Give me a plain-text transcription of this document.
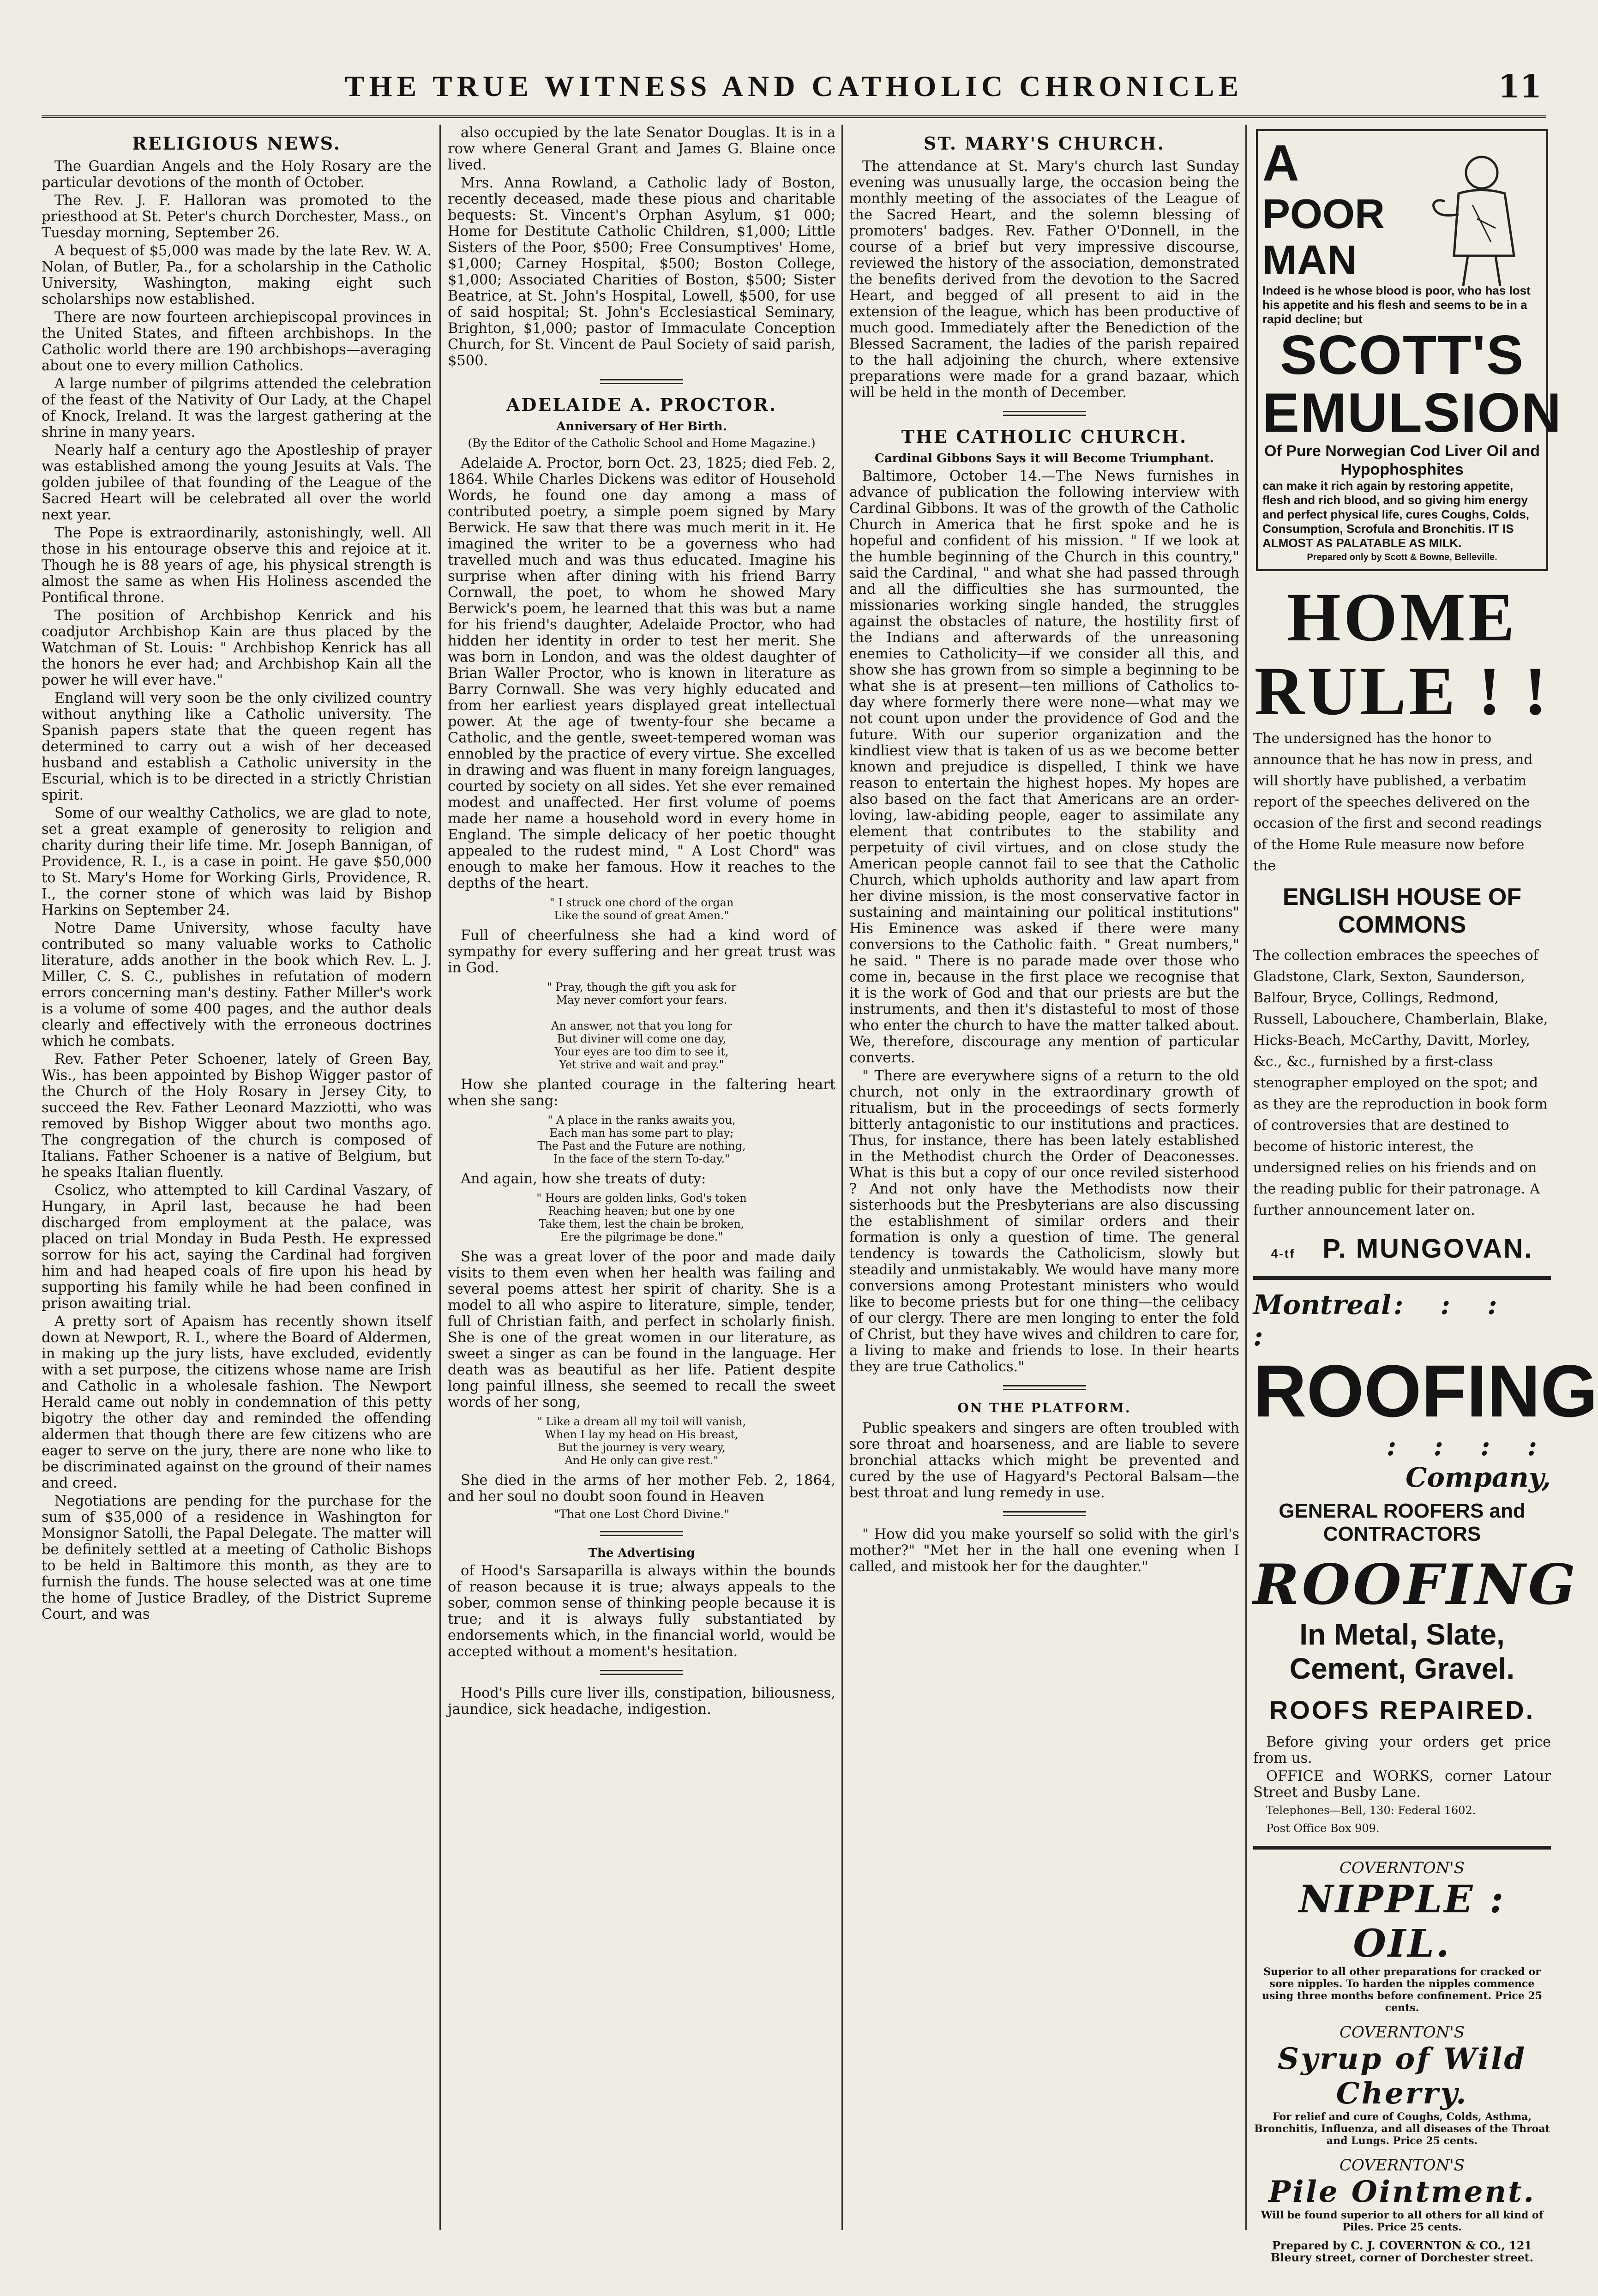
THE TRUE WITNESS AND CATHOLIC CHRONICLE	11
RELIGIOUS NEWS.

The Guardian Angels and the Holy Rosary are the particular devotions of the month of October.

The Rev. J. F. Halloran was promoted to the priesthood at St. Peter's church Dorchester, Mass., on Tuesday morning, September 26.

A bequest of $5,000 was made by the late Rev. W. A. Nolan, of Butler, Pa., for a scholarship in the Catholic University, Washington, making eight such scholarships now established.

There are now fourteen archiepiscopal provinces in the United States, and fifteen archbishops. In the Catholic world there are 190 archbishops—averaging about one to every million Catholics.

A large number of pilgrims attended the celebration of the feast of the Nativity of Our Lady, at the Chapel of Knock, Ireland. It was the largest gathering at the shrine in many years.

Nearly half a century ago the Apostleship of prayer was established among the young Jesuits at Vals. The golden jubilee of that founding of the League of the Sacred Heart will be celebrated all over the world next year.

The Pope is extraordinarily, astonishingly, well. All those in his entourage observe this and rejoice at it. Though he is 88 years of age, his physical strength is almost the same as when His Holiness ascended the Pontifical throne.

The position of Archbishop Kenrick and his coadjutor Archbishop Kain are thus placed by the Watchman of St. Louis: " Archbishop Kenrick has all the honors he ever had; and Archbishop Kain all the power he will ever have."

England will very soon be the only civilized country without anything like a Catholic university. The Spanish papers state that the queen regent has determined to carry out a wish of her deceased husband and establish a Catholic university in the Escurial, which is to be directed in a strictly Christian spirit.

Some of our wealthy Catholics, we are glad to note, set a great example of generosity to religion and charity during their life time. Mr. Joseph Bannigan, of Providence, R. I., is a case in point. He gave $50,000 to St. Mary's Home for Working Girls, Providence, R. I., the corner stone of which was laid by Bishop Harkins on September 24.

Notre Dame University, whose faculty have contributed so many valuable works to Catholic literature, adds another in the book which Rev. L. J. Miller, C. S. C., publishes in refutation of modern errors concerning man's destiny. Father Miller's work is a volume of some 400 pages, and the author deals clearly and effectively with the erroneous doctrines which he combats.

Rev. Father Peter Schoener, lately of Green Bay, Wis., has been appointed by Bishop Wigger pastor of the Church of the Holy Rosary in Jersey City, to succeed the Rev. Father Leonard Mazziotti, who was removed by Bishop Wigger about two months ago. The congregation of the church is composed of Italians. Father Schoener is a native of Belgium, but he speaks Italian fluently.

Csolicz, who attempted to kill Cardinal Vaszary, of Hungary, in April last, because he had been discharged from employment at the palace, was placed on trial Monday in Buda Pesth. He expressed sorrow for his act, saying the Cardinal had forgiven him and had heaped coals of fire upon his head by supporting his family while he had been confined in prison awaiting trial.

A pretty sort of Apaism has recently shown itself down at Newport, R. I., where the Board of Aldermen, in making up the jury lists, have excluded, evidently with a set purpose, the citizens whose name are Irish and Catholic in a wholesale fashion. The Newport Herald came out nobly in condemnation of this petty bigotry the other day and reminded the offending aldermen that though there are few citizens who are eager to serve on the jury, there are none who like to be discriminated against on the ground of their names and creed.

Negotiations are pending for the purchase for the sum of $35,000 of a residence in Washington for Monsignor Satolli, the Papal Delegate. The matter will be definitely settled at a meeting of Catholic Bishops to be held in Baltimore this month, as they are to furnish the funds. The house selected was at one time the home of Justice Bradley, of the District Supreme Court, and was

also occupied by the late Senator Douglas. It is in a row where General Grant and James G. Blaine once lived.

Mrs. Anna Rowland, a Catholic lady of Boston, recently deceased, made these pious and charitable bequests: St. Vincent's Orphan Asylum, $1 000; Home for Destitute Catholic Children, $1,000; Little Sisters of the Poor, $500; Free Consumptives' Home, $1,000; Carney Hospital, $500; Boston College, $1,000; Associated Charities of Boston, $500; Sister Beatrice, at St. John's Hospital, Lowell, $500, for use of said hospital; St. John's Ecclesiastical Seminary, Brighton, $1,000; pastor of Immaculate Conception Church, for St. Vincent de Paul Society of said parish, $500.

ADELAIDE A. PROCTOR.
Anniversary of Her Birth.
(By the Editor of the Catholic School and Home Magazine.)

Adelaide A. Proctor, born Oct. 23, 1825; died Feb. 2, 1864. While Charles Dickens was editor of Household Words, he found one day among a mass of contributed poetry, a simple poem signed by Mary Berwick. He saw that there was much merit in it. He imagined the writer to be a governess who had travelled much and was thus educated. Imagine his surprise when after dining with his friend Barry Cornwall, the poet, to whom he showed Mary Berwick's poem, he learned that this was but a name for his friend's daughter, Adelaide Proctor, who had hidden her identity in order to test her merit. She was born in London, and was the oldest daughter of Brian Waller Proctor, who is known in literature as Barry Cornwall. She was very highly educated and from her earliest years displayed great intellectual power. At the age of twenty-four she became a Catholic, and the gentle, sweet-tempered woman was ennobled by the practice of every virtue. She excelled in drawing and was fluent in many foreign languages, courted by society on all sides. Yet she ever remained modest and unaffected. Her first volume of poems made her name a household word in every home in England. The simple delicacy of her poetic thought appealed to the rudest mind, " A Lost Chord" was enough to make her famous. How it reaches to the depths of the heart.

" I struck one chord of the organ
Like the sound of great Amen."

Full of cheerfulness she had a kind word of sympathy for every suffering and her great trust was in God.

" Pray, though the gift you ask for
May never comfort your fears.

An answer, not that you long for
But diviner will come one day,
Your eyes are too dim to see it,
Yet strive and wait and pray."

How she planted courage in the faltering heart when she sang:

" A place in the ranks awaits you,
Each man has some part to play;
The Past and the Future are nothing,
In the face of the stern To-day."

And again, how she treats of duty:

" Hours are golden links, God's token
Reaching heaven; but one by one
Take them, lest the chain be broken,
Ere the pilgrimage be done."

She was a great lover of the poor and made daily visits to them even when her health was failing and several poems attest her spirit of charity. She is a model to all who aspire to literature, simple, tender, full of Christian faith, and perfect in scholarly finish. She is one of the great women in our literature, as sweet a singer as can be found in the language. Her death was as beautiful as her life. Patient despite long painful illness, she seemed to recall the sweet words of her song,

" Like a dream all my toil will vanish,
When I lay my head on His breast,
But the journey is very weary,
And He only can give rest."

She died in the arms of her mother Feb. 2, 1864, and her soul no doubt soon found in Heaven

"That one Lost Chord Divine."
The Advertising

of Hood's Sarsaparilla is always within the bounds of reason because it is true; always appeals to the sober, common sense of thinking people because it is true; and it is always fully substantiated by endorsements which, in the financial world, would be accepted without a moment's hesitation.

Hood's Pills cure liver ills, constipation, biliousness, jaundice, sick headache, indigestion.

ST. MARY'S CHURCH.

The attendance at St. Mary's church last Sunday evening was unusually large, the occasion being the monthly meeting of the associates of the League of the Sacred Heart, and the solemn blessing of promoters' badges. Rev. Father O'Donnell, in the course of a brief but very impressive discourse, reviewed the history of the association, demonstrated the benefits derived from the devotion to the Sacred Heart, and begged of all present to aid in the extension of the league, which has been productive of much good. Immediately after the Benediction of the Blessed Sacrament, the ladies of the parish repaired to the hall adjoining the church, where extensive preparations were made for a grand bazaar, which will be held in the month of December.

THE CATHOLIC CHURCH.
Cardinal Gibbons Says it will Become Triumphant.

Baltimore, October 14.—The News furnishes in advance of publication the following interview with Cardinal Gibbons. It was of the growth of the Catholic Church in America that he first spoke and he is hopeful and confident of his mission. " If we look at the humble beginning of the Church in this country," said the Cardinal, " and what she had passed through and all the difficulties she has surmounted, the missionaries working single handed, the struggles against the obstacles of nature, the hostility first of the Indians and afterwards of the unreasoning enemies to Catholicity—if we consider all this, and show she has grown from so simple a beginning to be what she is at present—ten millions of Catholics to-day where formerly there were none—what may we not count upon under the providence of God and the future. With our superior organization and the kindliest view that is taken of us as we become better known and prejudice is dispelled, I think we have reason to entertain the highest hopes. My hopes are also based on the fact that Americans are an order-loving, law-abiding people, eager to assimilate any element that contributes to the stability and perpetuity of civil virtues, and on close study the American people cannot fail to see that the Catholic Church, which upholds authority and law apart from her divine mission, is the most conservative factor in sustaining and maintaining our political institutions" His Eminence was asked if there were many conversions to the Catholic faith. " Great numbers," he said. " There is no parade made over those who come in, because in the first place we recognise that it is the work of God and that our priests are but the instruments, and then it's distasteful to most of those who enter the church to have the matter talked about. We, therefore, discourage any mention of particular converts.

" There are everywhere signs of a return to the old church, not only in the extraordinary growth of ritualism, but in the proceedings of sects formerly bitterly antagonistic to our institutions and practices. Thus, for instance, there has been lately established in the Methodist church the Order of Deaconesses. What is this but a copy of our once reviled sisterhood ? And not only have the Methodists now their sisterhoods but the Presbyterians are also discussing the establishment of similar orders and their formation is only a question of time. The general tendency is towards the Catholicism, slowly but steadily and unmistakably. We would have many more conversions among Protestant ministers who would like to become priests but for one thing—the celibacy of our clergy. There are men longing to enter the fold of Christ, but they have wives and children to care for, a living to make and friends to lose. In their hearts they are true Catholics."

ON THE PLATFORM.

Public speakers and singers are often troubled with sore throat and hoarseness, and are liable to severe bronchial attacks which might be prevented and cured by the use of Hagyard's Pectoral Balsam—the best throat and lung remedy in use.

" How did you make yourself so solid with the girl's mother?" "Met her in the hall one evening when I called, and mistook her for the daughter."

A
POOR
MAN
Indeed is he whose blood is poor, who has lost his appetite and his flesh and seems to be in a rapid decline; but
SCOTT'S
EMULSION
Of Pure Norwegian Cod Liver Oil and Hypophosphites
can make it rich again by restoring appetite, flesh and rich blood, and so giving him energy and perfect physical life, cures Coughs, Colds, Consumption, Scrofula and Bronchitis. IT IS ALMOST AS PALATABLE AS MILK.
Prepared only by Scott & Bowne, Belleville.
HOME RULE ! !

The undersigned has the honor to announce that he has now in press, and will shortly have published, a verbatim report of the speeches delivered on the occasion of the first and second readings of the Home Rule measure now before the

ENGLISH HOUSE OF COMMONS

The collection embraces the speeches of Gladstone, Clark, Sexton, Saunderson, Balfour, Bryce, Collings, Redmond, Russell, Labouchere, Chamberlain, Blake, Hicks-Beach, McCarthy, Davitt, Morley, &c., &c., furnished by a first-class stenographer employed on the spot; and as they are the reproduction in book form of controversies that are destined to become of historic interest, the undersigned relies on his friends and on the reading public for their patronage. A further announcement later on.

4-tf P. MUNGOVAN.
Montreal : : : :
ROOFING
: : : : Company,
GENERAL ROOFERS and CONTRACTORS
ROOFING
In Metal, Slate, Cement, Gravel.
ROOFS REPAIRED.

Before giving your orders get price from us.

OFFICE and WORKS, corner Latour Street and Busby Lane.

Telephones—Bell, 130: Federal 1602.

Post Office Box 909.

COVERNTON'S
NIPPLE : OIL.
Superior to all other preparations for cracked or sore nipples. To harden the nipples commence using three months before confinement. Price 25 cents.
COVERNTON'S
Syrup of Wild Cherry.
For relief and cure of Coughs, Colds, Asthma, Bronchitis, Influenza, and all diseases of the Throat and Lungs. Price 25 cents.
COVERNTON'S
Pile Ointment.
Will be found superior to all others for all kind of Piles. Price 25 cents.
Prepared by C. J. COVERNTON & CO., 121 Bleury street, corner of Dorchester street.
